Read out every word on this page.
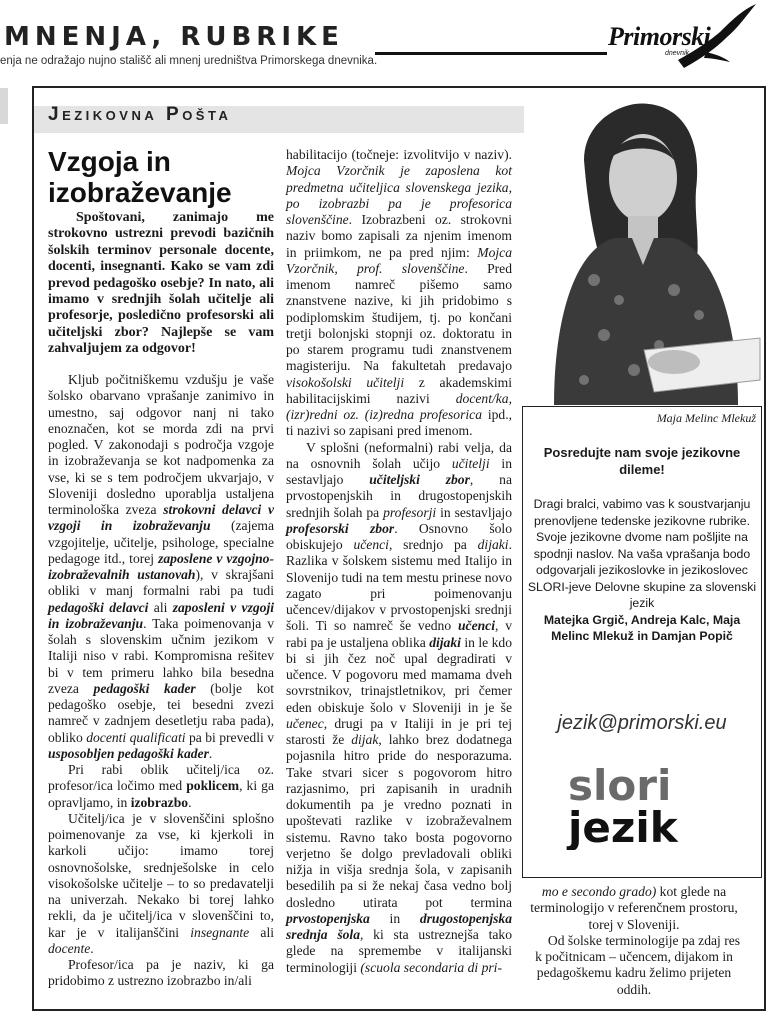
MNENJA, RUBRIKE
enja ne odražajo nujno stališč ali mnenj uredništva Primorskega dnevnika.
Primorski
dnevnik
Jezikovna Pošta
Vzgoja in izobraževanje
Spoštovani, zanimajo me strokovno ustrezni prevodi bazičnih šolskih terminov personale docente, docenti, insegnanti. Kako se vam zdi prevod pedagoško osebje? In nato, ali imamo v srednjih šolah učitelje ali profesorje, posledično profesorski ali učiteljski zbor? Najlepše se vam zahvaljujem za odgovor!

Kljub počitniškemu vzdušju je vaše šolsko obarvano vprašanje zanimivo in umestno, saj odgovor nanj ni tako enoznačen, kot se morda zdi na prvi pogled. V zakonodaji s področja vzgoje in izobraževanja se kot nadpomenka za vse, ki se s tem področjem ukvarjajo, v Sloveniji dosledno uporablja ustaljena terminološka zveza strokovni delavci v vzgoji in izobraževanju (zajema vzgojitelje, učitelje, psihologe, specialne pedagoge itd., torej zaposlene v vzgojno-izobraževalnih ustanovah), v skrajšani obliki v manj formalni rabi pa tudi pedagoški delavci ali zaposleni v vzgoji in izobraževanju. Taka poimenovanja v šolah s slovenskim učnim jezikom v Italiji niso v rabi. Kompromisna rešitev bi v tem primeru lahko bila besedna zveza pedagoški kader (bolje kot pedagoško osebje, tei besedni zvezi namreč v zadnjem desetletju raba pada), obliko docenti qualificati pa bi prevedli v usposobljen pedagoški kader.

Pri rabi oblik učitelj/ica oz. profesor/ica ločimo med poklicem, ki ga opravljamo, in izobrazbo.

Učitelj/ica je v slovenščini splošno poimenovanje za vse, ki kjerkoli in karkoli učijo: imamo torej osnovnošolske, srednješolske in celo visokošolske učitelje – to so predavatelji na univerzah. Nekako bi torej lahko rekli, da je učitelj/ica v slovenščini to, kar je v italijanščini insegnante ali docente.

Profesor/ica pa je naziv, ki ga pridobimo z ustrezno izobrazbo in/ali

habilitacijo (točneje: izvolitvijo v naziv). Mojca Vzorčnik je zaposlena kot predmetna učiteljica slovenskega jezika, po izobrazbi pa je profesorica slovenščine. Izobrazbeni oz. strokovni naziv bomo zapisali za njenim imenom in priimkom, ne pa pred njim: Mojca Vzorčnik, prof. slovenščine. Pred imenom namreč pišemo samo znanstvene nazive, ki jih pridobimo s podiplomskim študijem, tj. po končani tretji bolonjski stopnji oz. doktoratu in po starem programu tudi znanstvenem magisteriju. Na fakultetah predavajo visokošolski učitelji z akademskimi habilitacijskimi nazivi docent/ka, (izr)redni oz. (iz)redna profesorica ipd., ti nazivi so zapisani pred imenom.

V splošni (neformalni) rabi velja, da na osnovnih šolah učijo učitelji in sestavljajo učiteljski zbor, na prvostopenjskih in drugostopenjskih srednjih šolah pa profesorji in sestavljajo profesorski zbor. Osnovno šolo obiskujejo učenci, srednjo pa dijaki. Razlika v šolskem sistemu med Italijo in Slovenijo tudi na tem mestu prinese novo zagato pri poimenovanju učencev/dijakov v prvostopenjski srednji šoli. Ti so namreč še vedno učenci, v rabi pa je ustaljena oblika dijaki in le kdo bi si jih čez noč upal degradirati v učence. V pogovoru med mamama dveh sovrstnikov, trinajstletnikov, pri čemer eden obiskuje šolo v Sloveniji in je še učenec, drugi pa v Italiji in je pri tej starosti že dijak, lahko brez dodatnega pojasnila hitro pride do nesporazuma. Take stvari sicer s pogovorom hitro razjasnimo, pri zapisanih in uradnih dokumentih pa je vredno poznati in upoštevati razlike v izobraževalnem sistemu. Ravno tako bosta pogovorno verjetno še dolgo prevladovali obliki nižja in višja srednja šola, v zapisanih besedilih pa si že nekaj časa vedno bolj dosledno utirata pot termina prvostopenjska in drugostopenjska srednja šola, ki sta ustreznejša tako glede na spremembe v italijanski terminologiji (scuola secondaria di pri-

Maja Melinc Mlekuž
Posredujte nam svoje jezikovne dileme!

Dragi bralci, vabimo vas k soustvarjanju prenovljene tedenske jezikovne rubrike. Svoje jezikovne dvome nam pošljite na spodnji naslov. Na vaša vprašanja bodo odgovarjali jezikoslovke in jezikoslovec SLORI-jeve Delovne skupine za slovenski jezik

Matejka Grgič, Andreja Kalc, Maja Melinc Mlekuž in Damjan Popič

jezik@primorski.eu
slori
jezik

mo e secondo grado) kot glede na terminologijo v referenčnem prostoru, torej v Sloveniji.

Od šolske terminologije pa zdaj res k počitnicam – učencem, dijakom in pedagoškemu kadru želimo prijeten oddih.
